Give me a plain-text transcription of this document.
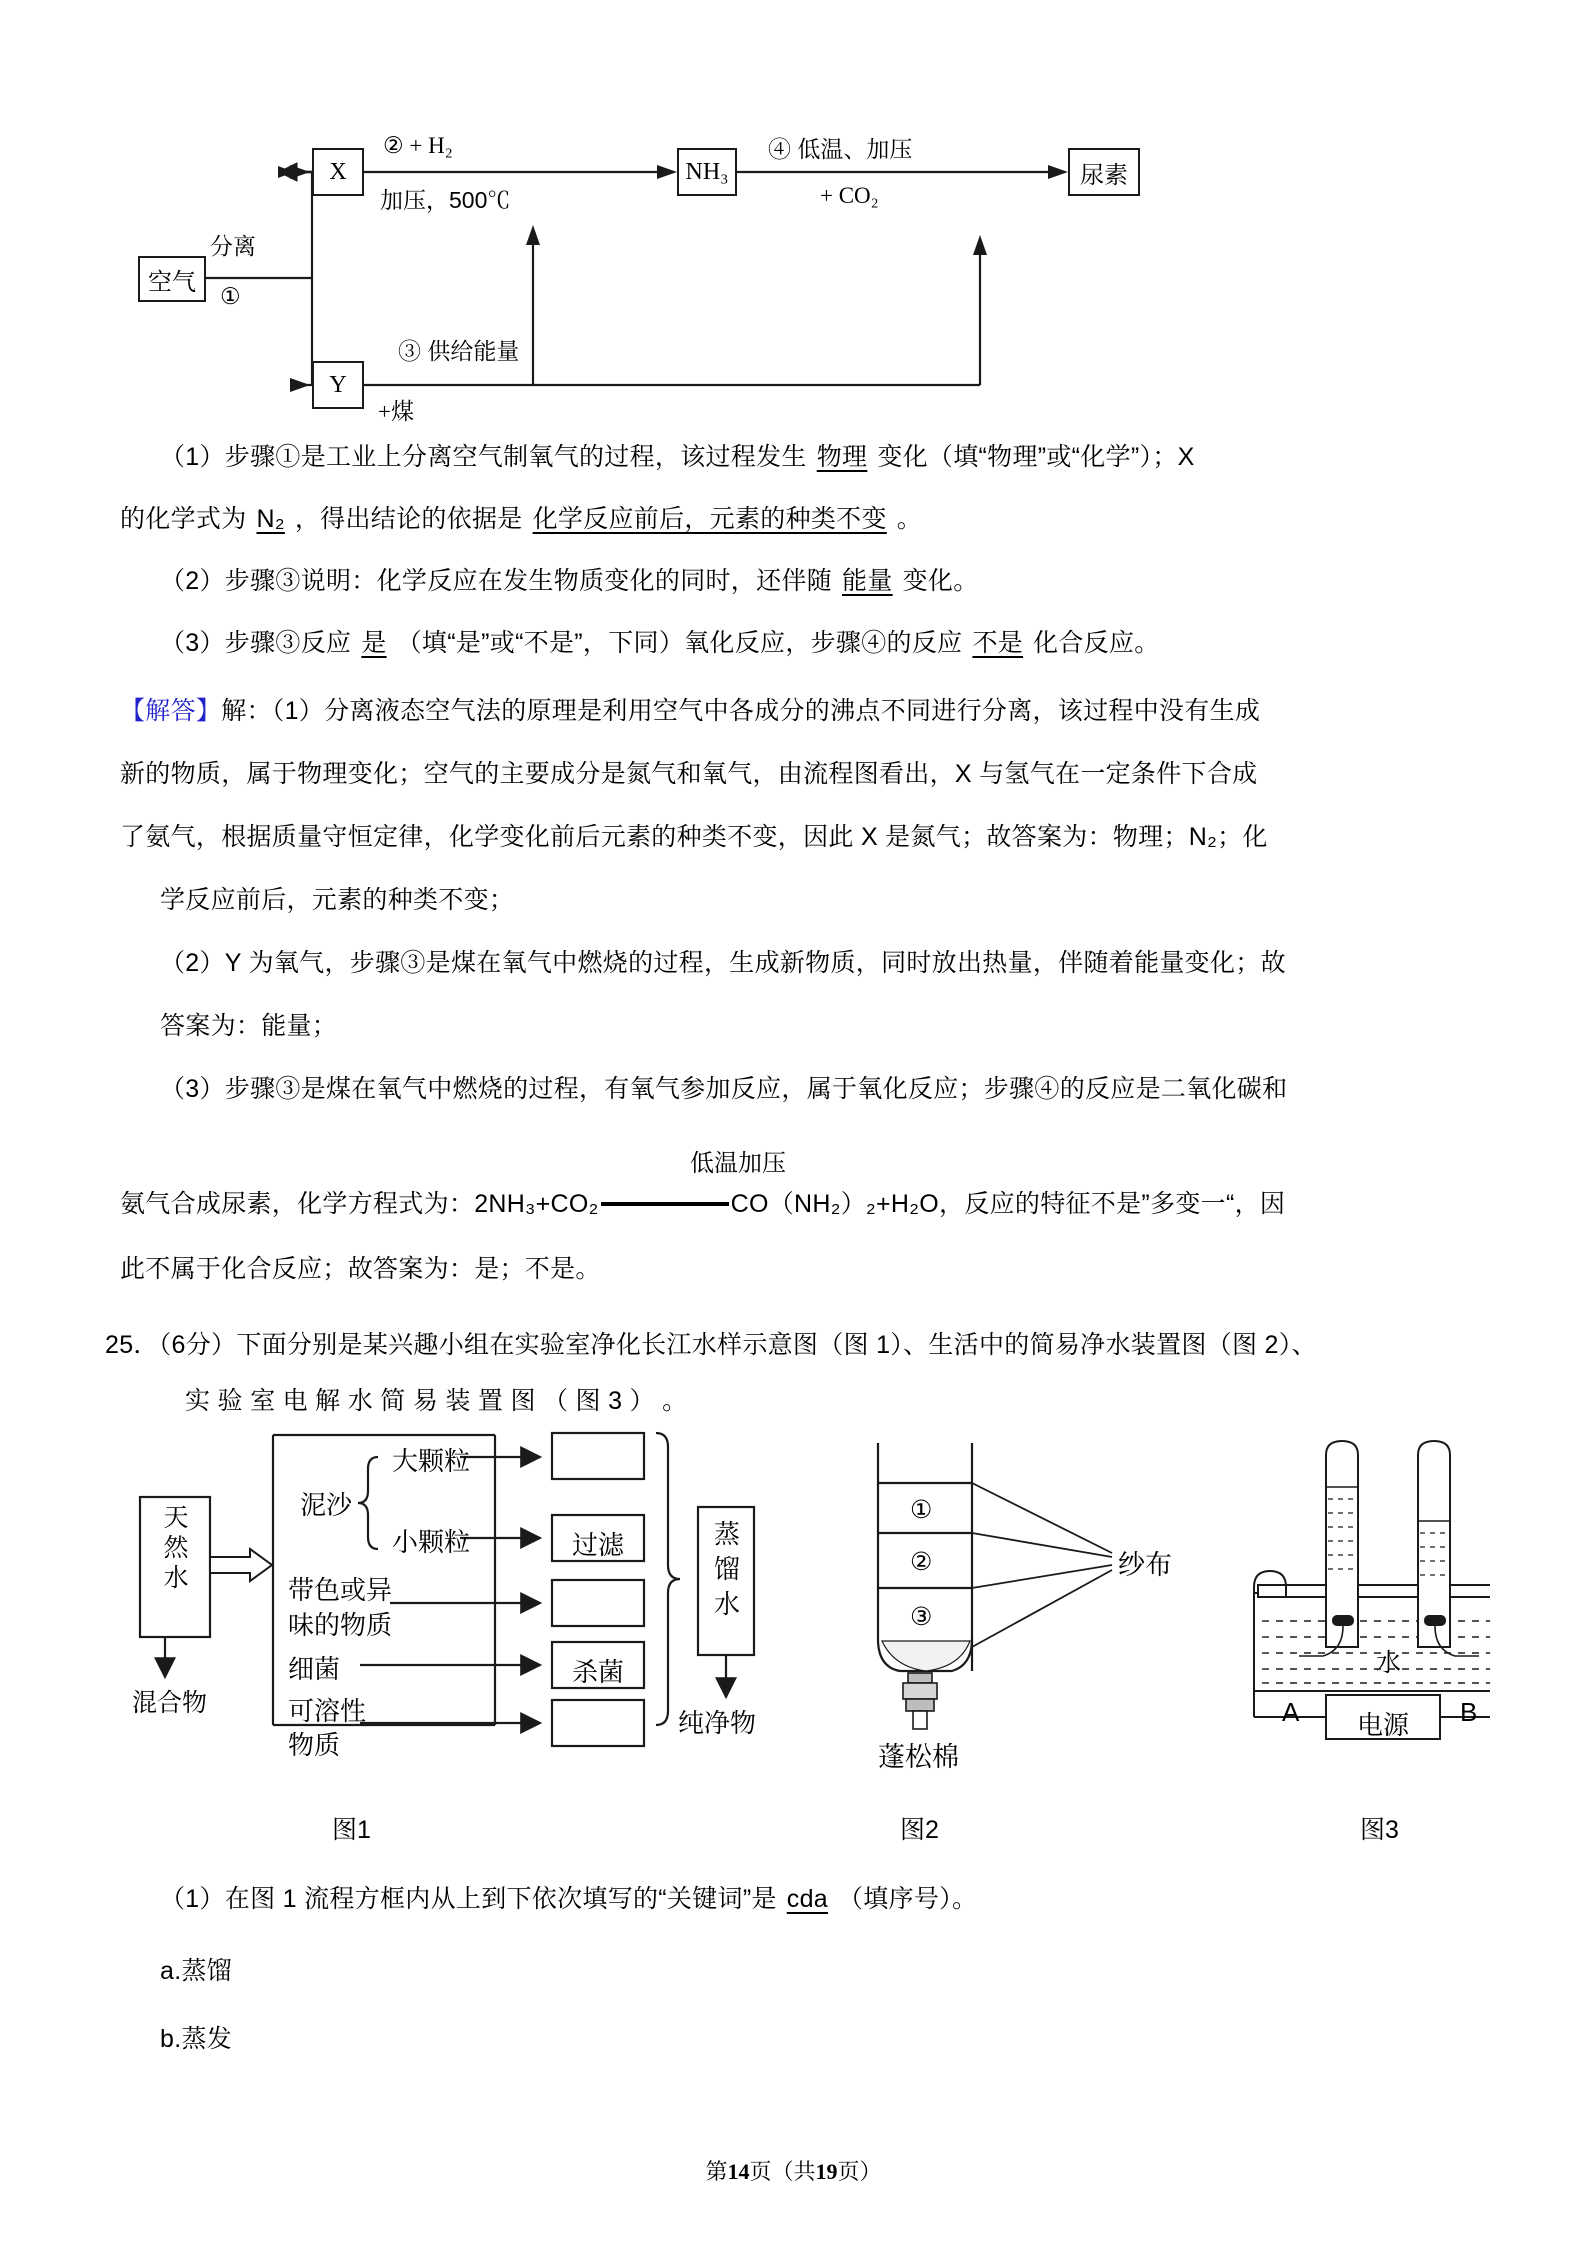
空气
X
Y
NH₃	尿素
分离
①
② + H₂
加压，500℃
③ 供给能量
+煤
④ 低温、加压
+ CO₂
（1）步骤①是工业上分离空气制氧气的过程，该过程发生 物理 变化（填“物理”或“化学”）；X
的化学式为 N₂ ，得出结论的依据是 化学反应前后，元素的种类不变 。
（2）步骤③说明：化学反应在发生物质变化的同时，还伴随 能量 变化。
（3）步骤③反应 是 （填“是”或“不是”，下同）氧化反应，步骤④的反应 不是 化合反应。
【解答】解：（1）分离液态空气法的原理是利用空气中各成分的沸点不同进行分离，该过程中没有生成
新的物质，属于物理变化；空气的主要成分是氮气和氧气，由流程图看出，X 与氢气在一定条件下合成
了氨气，根据质量守恒定律，化学变化前后元素的种类不变，因此 X 是氮气；故答案为：物理；N₂；化
学反应前后，元素的种类不变；
（2）Y 为氧气，步骤③是煤在氧气中燃烧的过程，生成新物质，同时放出热量，伴随着能量变化；故
答案为：能量；
（3）步骤③是煤在氧气中燃烧的过程，有氧气参加反应，属于氧化反应；步骤④的反应是二氧化碳和
低温加压
氨气合成尿素，化学方程式为：2NH₃+CO₂	CO（NH₂）₂+H₂O，反应的特征不是”多变一“，因
此不属于化合反应；故答案为：是；不是。
25．（6分）下面分别是某兴趣小组在实验室净化长江水样示意图（图 1）、生活中的简易净水装置图（图 2）、
实 验 室 电 解 水 简 易 装 置 图 （ 图 3 ） 。
天
然
水
混合物
泥沙
大颗粒
小颗粒
带色或异
味的物质
细菌
可溶性
物质
过滤
杀菌
蒸
馏
水
纯净物
①
②
③
纱布
蓬松棉
水
A	B
电源
图1	图2	图3
（1）在图 1 流程方框内从上到下依次填写的“关键词”是 cda （填序号）。
a.蒸馏
b.蒸发
第14页（共19页）
